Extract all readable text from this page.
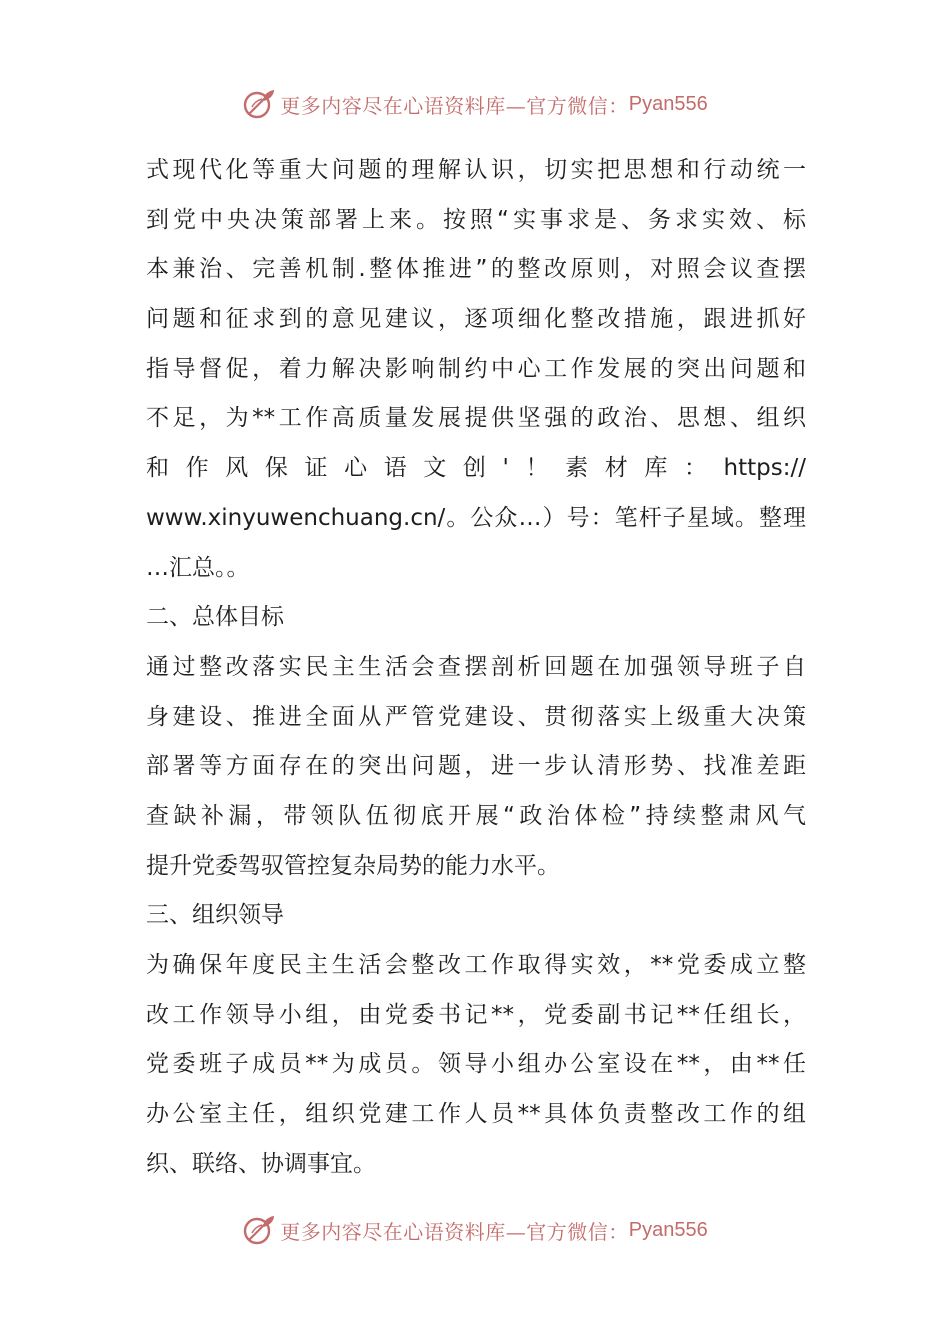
更多内容尽在心语资料库—官方微信： Pyan556
式现代化等重大问题的理解认识，切实把思想和行动统一
到党中央决策部署上来。按照“实事求是、务求实效、标
本兼治、完善机制.整体推进”的整改原则，对照会议查摆
问题和征求到的意见建议，逐项细化整改措施，跟进抓好
指导督促，着力解决影响制约中心工作发展的突出问题和
不足，为**工作高质量发展提供坚强的政治、思想、组织
和作风保证心语文创'！素材库：https://
www.xinyuwenchuang.cn/。公众…）号：笔杆子星域。整理
…汇总。。
二、总体目标
通过整改落实民主生活会查摆剖析回题在加强领导班子自
身建设、推进全面从严管党建设、贯彻落实上级重大决策
部署等方面存在的突出问题，进一步认清形势、找准差距
查缺补漏，带领队伍彻底开展“政治体检”持续整肃风气
提升党委驾驭管控复杂局势的能力水平。
三、组织领导
为确保年度民主生活会整改工作取得实效，**党委成立整
改工作领导小组，由党委书记**，党委副书记**任组长，
党委班子成员**为成员。领导小组办公室设在**，由**任
办公室主任，组织党建工作人员**具体负责整改工作的组
织、联络、协调事宜。
更多内容尽在心语资料库—官方微信： Pyan556
